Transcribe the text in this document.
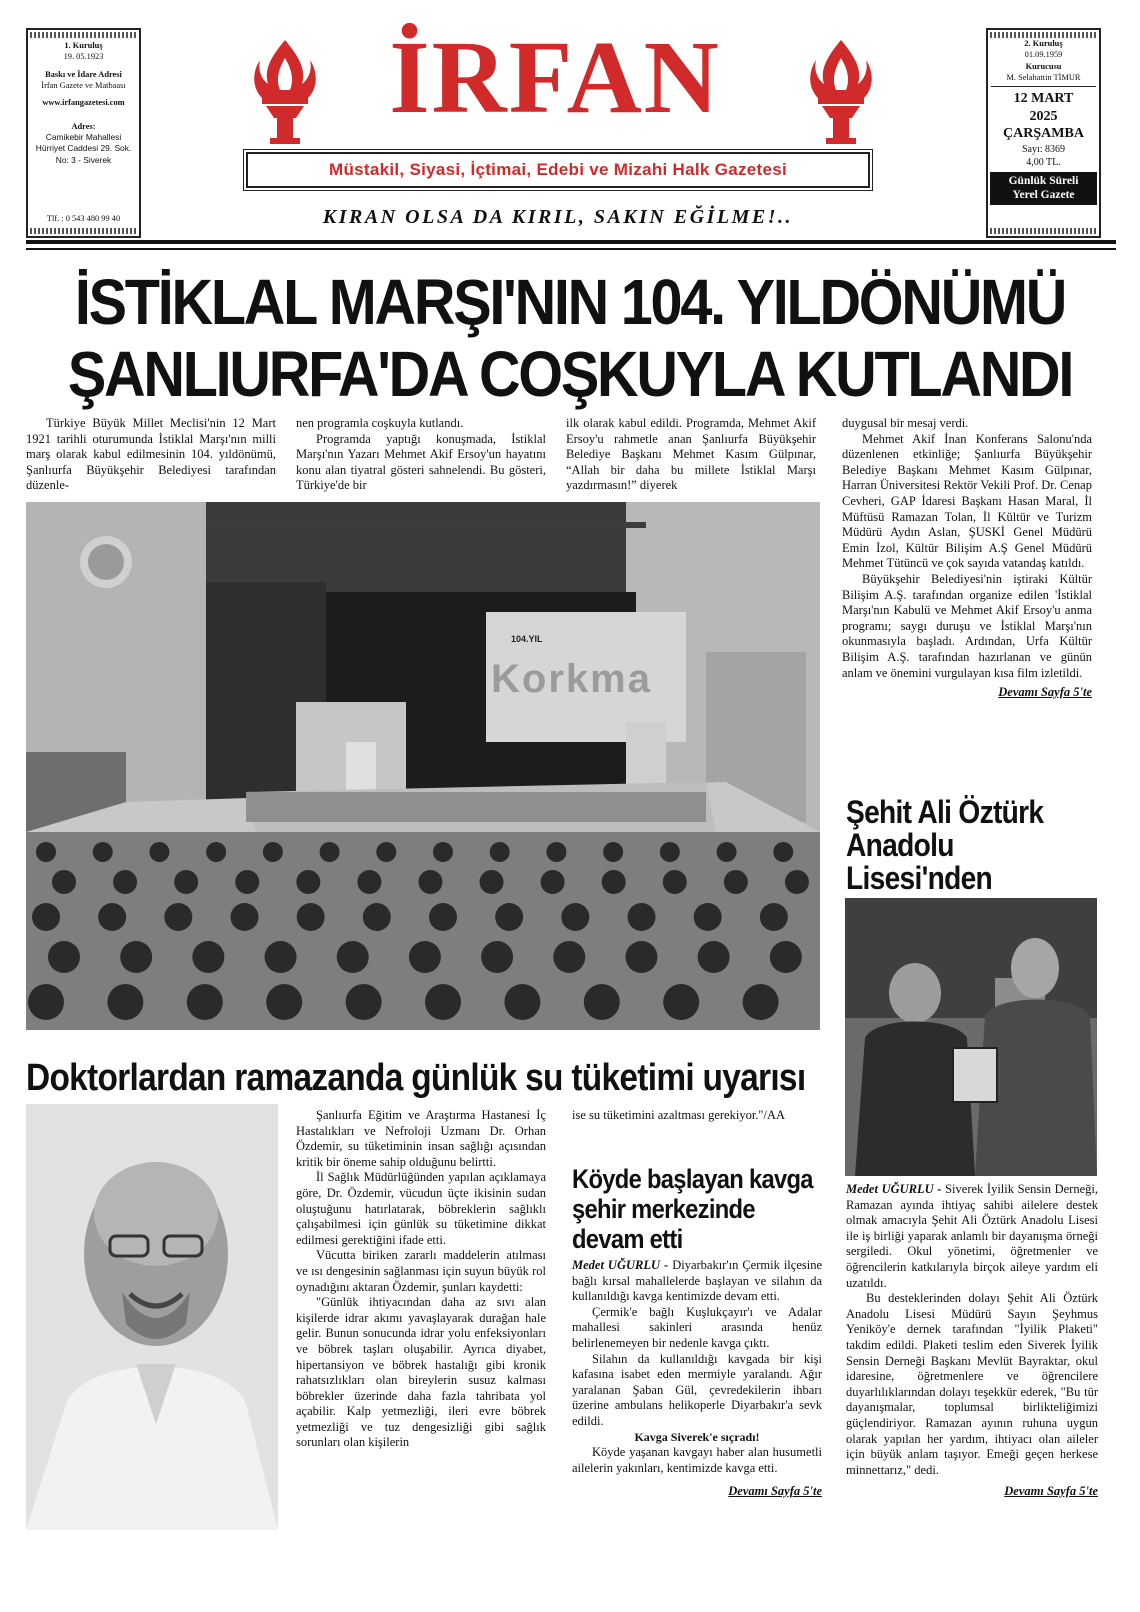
1. Kuruluş
19. 05.1923
Baskı ve İdare Adresi
İrfan Gazete ve Matbaası
www.irfangazetesi.com
Adres:
Camikebir Mahallesi
Hürriyet Caddesi 29. Sok.
No: 3 - Siverek
Tlf. : 0 543 480 99 40
İRFAN
Müstakil, Siyasi, İçtimai, Edebi ve Mizahi Halk Gazetesi
KIRAN OLSA DA KIRIL, SAKIN EĞİLME!..
2. Kuruluş
01.09.1959
Kurucusu
M. Selahattin TİMUR
12 MART
2025
ÇARŞAMBA
Sayı: 8369
4,00 TL.
Günlük Süreli
Yerel Gazete
İSTİKLAL MARŞI'NIN 104. YILDÖNÜMÜ
ŞANLIURFA'DA COŞKUYLA KUTLANDI

Türkiye Büyük Millet Meclisi'nin 12 Mart 1921 tarihli oturumunda İstiklal Marşı'nın milli marş olarak kabul edilmesinin 104. yıldönümü, Şanlıurfa Büyükşehir Belediyesi tarafından düzenle-

nen programla coşkuyla kutlandı.

Programda yaptığı konuşmada, İstiklal Marşı'nın Yazarı Mehmet Akif Ersoy'un hayatını konu alan tiyatral gösteri sahnelendi. Bu gösteri, Türkiye'de bir

ilk olarak kabul edildi. Programda, Mehmet Akif Ersoy'u rahmetle anan Şanlıurfa Büyükşehir Belediye Başkanı Mehmet Kasım Gülpınar, “Allah bir daha bu millete İstiklal Marşı yazdırmasın!” diyerek

104.YIL
Korkma

duygusal bir mesaj verdi.

Mehmet Akif İnan Konferans Salonu'nda düzenlenen etkinliğe; Şanlıurfa Büyükşehir Belediye Başkanı Mehmet Kasım Gülpınar, Harran Üniversitesi Rektör Vekili Prof. Dr. Cenap Cevheri, GAP İdaresi Başkanı Hasan Maral, İl Müftüsü Ramazan Tolan, İl Kültür ve Turizm Müdürü Aydın Aslan, ŞUSKİ Genel Müdürü Emin İzol, Kültür Bilişim A.Ş Genel Müdürü Mehmet Tütüncü ve çok sayıda vatandaş katıldı.

Büyükşehir Belediyesi'nin iştiraki Kültür Bilişim A.Ş. tarafından organize edilen 'İstiklal Marşı'nın Kabulü ve Mehmet Akif Ersoy'u anma programı; saygı duruşu ve İstiklal Marşı'nın okunmasıyla başladı. Ardından, Urfa Kültür Bilişim A.Ş. tarafından hazırlanan ve günün anlam ve önemini vurgulayan kısa film izletildi.

Devamı Sayfa 5'te
Şehit Ali Öztürk
Anadolu Lisesi'nden

Medet UĞURLU - Siverek İyilik Sensin Derneği, Ramazan ayında ihtiyaç sahibi ailelere destek olmak amacıyla Şehit Ali Öztürk Anadolu Lisesi ile iş birliği yaparak anlamlı bir dayanışma örneği sergiledi. Okul yönetimi, öğretmenler ve öğrencilerin katkılarıyla birçok aileye yardım eli uzatıldı.

Bu desteklerinden dolayı Şehit Ali Öztürk Anadolu Lisesi Müdürü Sayın Şeyhmus Yeniköy'e dernek tarafından "İyilik Plaketi" takdim edildi. Plaketi teslim eden Siverek İyilik Sensin Derneği Başkanı Mevlüt Bayraktar, okul idaresine, öğretmenlere ve öğrencilere duyarlılıklarından dolayı teşekkür ederek, "Bu tür dayanışmalar, toplumsal birlikteliğimizi güçlendiriyor. Ramazan ayının ruhuna uygun olarak yapılan her yardım, ihtiyacı olan aileler için büyük anlam taşıyor. Emeği geçen herkese minnettarız," dedi.

Devamı Sayfa 5'te
Doktorlardan ramazanda günlük su tüketimi uyarısı

Şanlıurfa Eğitim ve Araştırma Hastanesi İç Hastalıkları ve Nefroloji Uzmanı Dr. Orhan Özdemir, su tüketiminin insan sağlığı açısından kritik bir öneme sahip olduğunu belirtti.

İl Sağlık Müdürlüğünden yapılan açıklamaya göre, Dr. Özdemir, vücudun üçte ikisinin sudan oluştuğunu hatırlatarak, böbreklerin sağlıklı çalışabilmesi için günlük su tüketimine dikkat edilmesi gerektiğini ifade etti.

Vücutta biriken zararlı maddelerin atılması ve ısı dengesinin sağlanması için suyun büyük rol oynadığını aktaran Özdemir, şunları kaydetti:

"Günlük ihtiyacından daha az sıvı alan kişilerde idrar akımı yavaşlayarak durağan hale gelir. Bunun sonucunda idrar yolu enfeksiyonları ve böbrek taşları oluşabilir. Ayrıca diyabet, hipertansiyon ve böbrek hastalığı gibi kronik rahatsızlıkları olan bireylerin susuz kalması böbrekler üzerinde daha fazla tahribata yol açabilir. Kalp yetmezliği, ileri evre böbrek yetmezliği ve tuz dengesizliği gibi sağlık sorunları olan kişilerin

ise su tüketimini azaltması gerekiyor."/AA

Köyde başlayan kavga şehir merkezinde devam etti

Medet UĞURLU - Diyarbakır'ın Çermik ilçesine bağlı kırsal mahallelerde başlayan ve silahın da kullanıldığı kavga kentimizde devam etti.

Çermik'e bağlı Kuşlukçayır'ı ve Adalar mahallesi sakinleri arasında henüz belirlenemeyen bir nedenle kavga çıktı.

Silahın da kullanıldığı kavgada bir kişi kafasına isabet eden mermiyle yaralandı. Ağır yaralanan Şaban Gül, çevredekilerin ihbarı üzerine ambulans helikoperle Diyarbakır'a sevk edildi.

Kavga Siverek'e sıçradı!

Köyde yaşanan kavgayı haber alan husumetli ailelerin yakınları, kentimizde kavga etti.

Devamı Sayfa 5'te
